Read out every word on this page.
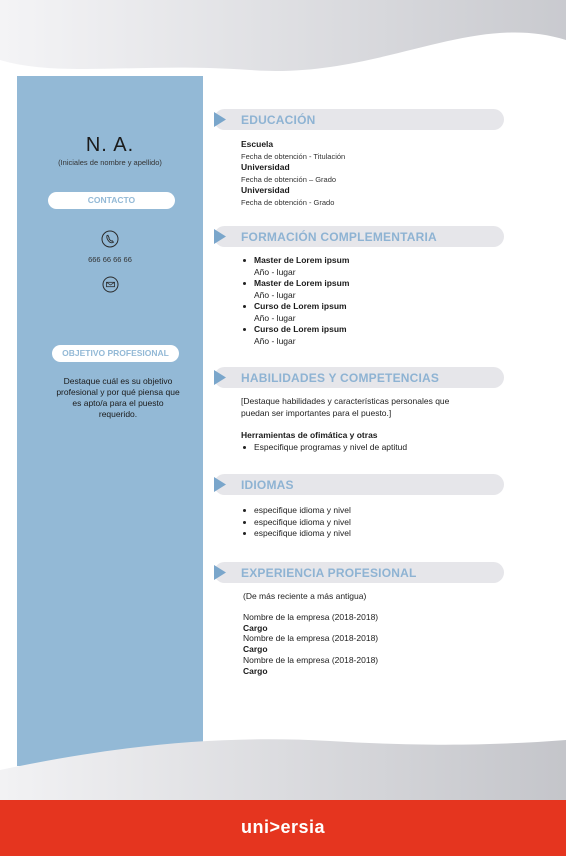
N. A.
(Iniciales de nombre y apellido)
CONTACTO
666 66 66 66
OBJETIVO PROFESIONAL
Destaque cuál es su objetivo profesional y por qué piensa que es apto/a para el puesto requerido.
EDUCACIÓN
Escuela
Fecha de obtención - Titulación
Universidad
Fecha de obtención – Grado
Universidad
Fecha de obtención - Grado
FORMACIÓN COMPLEMENTARIA
Master de Lorem ipsum
Año - lugar
Master de Lorem ipsum
Año - lugar
Curso de Lorem ipsum
Año - lugar
Curso de Lorem ipsum
Año - lugar
HABILIDADES Y COMPETENCIAS
[Destaque habilidades y características personales que
puedan ser importantes para el puesto.]
Herramientas de ofimática y otras
Especifique programas y nivel de aptitud
IDIOMAS
especifique idioma y nivel
especifique idioma y nivel
especifique idioma y nivel
EXPERIENCIA PROFESIONAL
(De más reciente a más antigua)
Nombre de la empresa (2018-2018)
Cargo
Nombre de la empresa (2018-2018)
Cargo
Nombre de la empresa (2018-2018)
Cargo
uni>ersia
